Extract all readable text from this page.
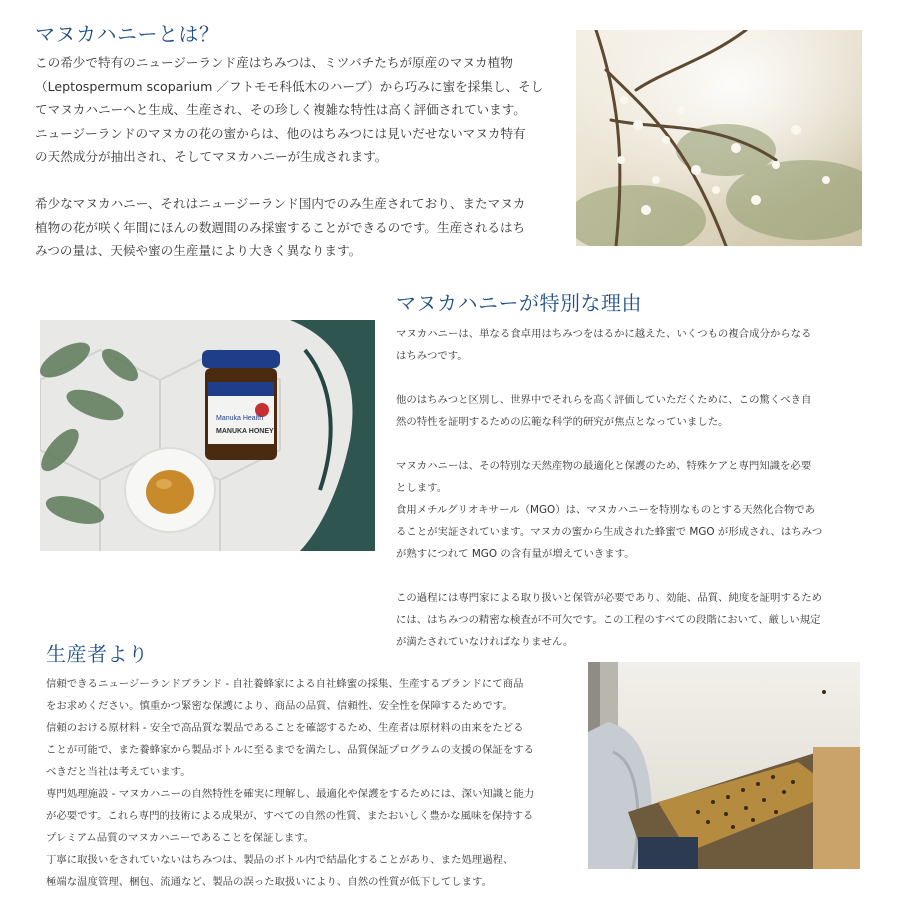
マヌカハニーとは？

この希少で特有のニュージーランド産はちみつは、ミツバチたちが原産のマヌカ植物

（Leptospermum scoparium ／フトモモ科低木のハーブ）から巧みに蜜を採集し、そし

てマヌカハニーへと生成、生産され、その珍しく複雑な特性は高く評価されています。

ニュージーランドのマヌカの花の蜜からは、他のはちみつには見いだせないマヌカ特有

の天然成分が抽出され、そしてマヌカハニーが生成されます。

希少なマヌカハニー、それはニュージーランド国内でのみ生産されており、またマヌカ

植物の花が咲く年間にほんの数週間のみ採蜜することができるのです。生産されるはち

みつの量は、天候や蜜の生産量により大きく異なります。

Manuka Health
MANUKA HONEY
マヌカハニーが特別な理由

マヌカハニーは、単なる食卓用はちみつをはるかに越えた、いくつもの複合成分からなる

はちみつです。

他のはちみつと区別し、世界中でそれらを高く評価していただくために、この驚くべき自

然の特性を証明するための広範な科学的研究が焦点となっていました。

マヌカハニーは、その特別な天然産物の最適化と保護のため、特殊ケアと専門知識を必要

とします。

食用メチルグリオキサール（MGO）は、マヌカハニーを特別なものとする天然化合物であ

ることが実証されています。マヌカの蜜から生成された蜂蜜で MGO が形成され、はちみつ

が熟すにつれて MGO の含有量が増えていきます。

この過程には専門家による取り扱いと保管が必要であり、効能、品質、純度を証明するため

には、はちみつの精密な検査が不可欠です。この工程のすべての段階において、厳しい規定

が満たされていなければなりません。

生産者より

信頼できるニュージーランドブランド - 自社養蜂家による自社蜂蜜の採集、生産するブランドにて商品

をお求めください。慎重かつ緊密な保護により、商品の品質、信頼性、安全性を保障するためです。

信頼のおける原材料 - 安全で高品質な製品であることを確認するため、生産者は原材料の由来をたどる

ことが可能で、また養蜂家から製品ボトルに至るまでを満たし、品質保証プログラムの支援の保証をする

べきだと当社は考えています。

専門処理施設 - マヌカハニーの自然特性を確実に理解し、最適化や保護をするためには、深い知識と能力

が必要です。これら専門的技術による成果が、すべての自然の性質、またおいしく豊かな風味を保持する

プレミアム品質のマヌカハニーであることを保証します。

丁寧に取扱いをされていないはちみつは、製品のボトル内で結晶化することがあり、また処理過程、

極端な温度管理、梱包、流通など、製品の誤った取扱いにより、自然の性質が低下してします。
